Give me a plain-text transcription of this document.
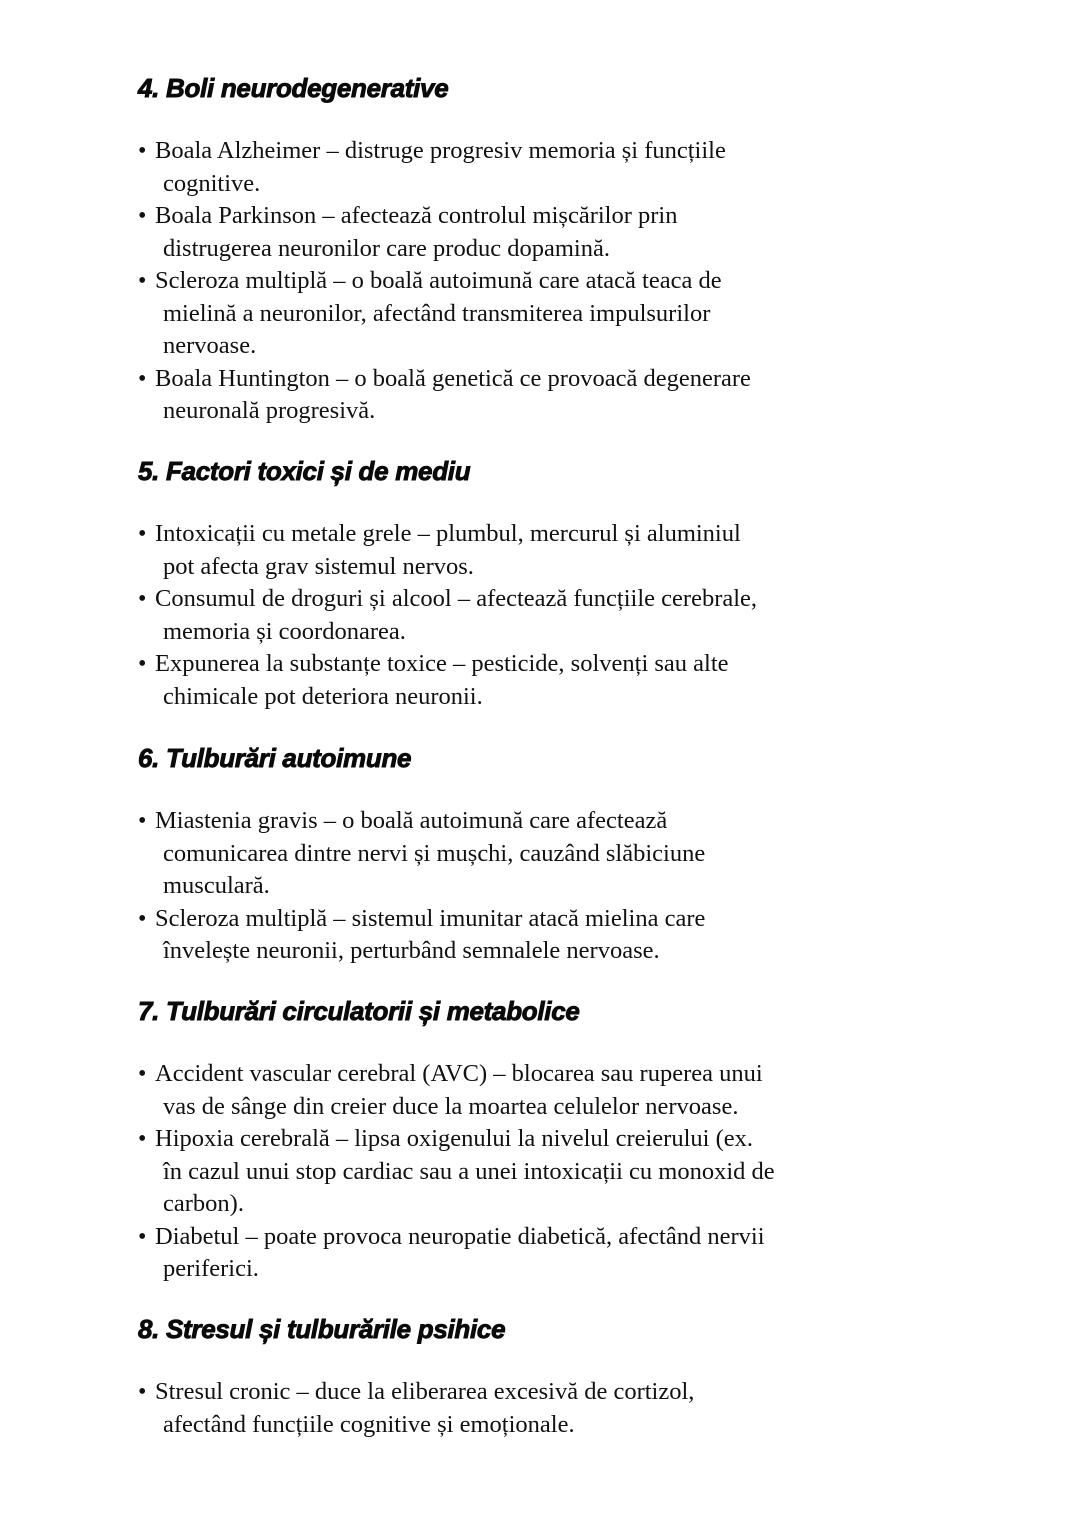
4. Boli neurodegenerative
• Boala Alzheimer – distruge progresiv memoria și funcțiile
cognitive.
• Boala Parkinson – afectează controlul mișcărilor prin
distrugerea neuronilor care produc dopamină.
• Scleroza multiplă – o boală autoimună care atacă teaca de
mielină a neuronilor, afectând transmiterea impulsurilor
nervoase.
• Boala Huntington – o boală genetică ce provoacă degenerare
neuronală progresivă.
5. Factori toxici și de mediu
• Intoxicații cu metale grele – plumbul, mercurul și aluminiul
pot afecta grav sistemul nervos.
• Consumul de droguri și alcool – afectează funcțiile cerebrale,
memoria și coordonarea.
• Expunerea la substanțe toxice – pesticide, solvenți sau alte
chimicale pot deteriora neuronii.
6. Tulburări autoimune
• Miastenia gravis – o boală autoimună care afectează
comunicarea dintre nervi și mușchi, cauzând slăbiciune
musculară.
• Scleroza multiplă – sistemul imunitar atacă mielina care
învelește neuronii, perturbând semnalele nervoase.
7. Tulburări circulatorii și metabolice
• Accident vascular cerebral (AVC) – blocarea sau ruperea unui
vas de sânge din creier duce la moartea celulelor nervoase.
• Hipoxia cerebrală – lipsa oxigenului la nivelul creierului (ex.
în cazul unui stop cardiac sau a unei intoxicații cu monoxid de
carbon).
• Diabetul – poate provoca neuropatie diabetică, afectând nervii
periferici.
8. Stresul și tulburările psihice
• Stresul cronic – duce la eliberarea excesivă de cortizol,
afectând funcțiile cognitive și emoționale.
